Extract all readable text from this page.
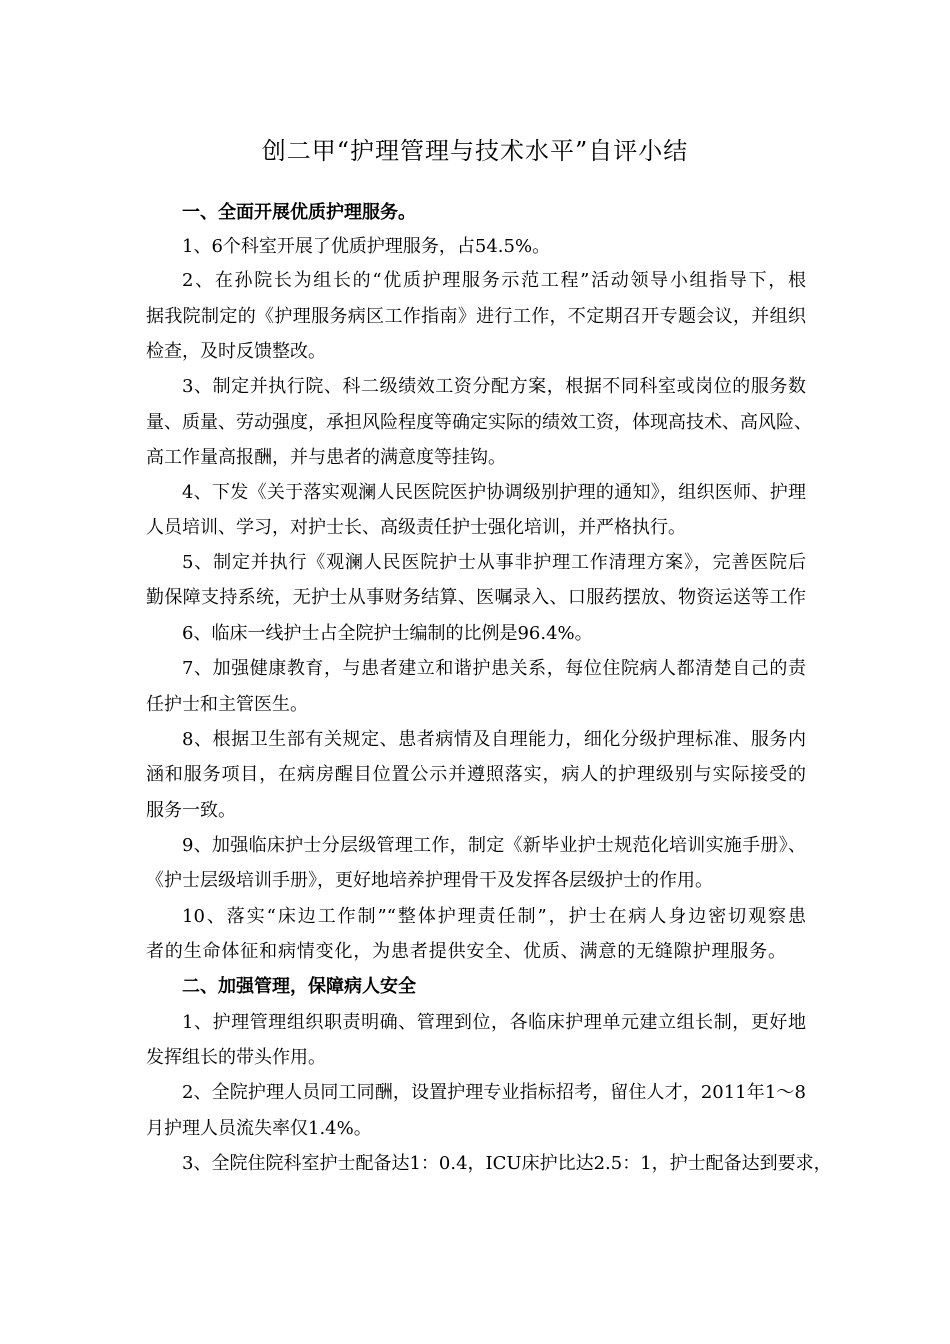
创二甲“护理管理与技术水平”自评小结
一、全面开展优质护理服务。
1、6个科室开展了优质护理服务，占54.5%。
2、在孙院长为组长的“优质护理服务示范工程”活动领导小组指导下，根
据我院制定的《护理服务病区工作指南》进行工作，不定期召开专题会议，并组织
检查，及时反馈整改。
3、制定并执行院、科二级绩效工资分配方案，根据不同科室或岗位的服务数
量、质量、劳动强度，承担风险程度等确定实际的绩效工资，体现高技术、高风险、
高工作量高报酬，并与患者的满意度等挂钩。
4、下发《关于落实观澜人民医院医护协调级别护理的通知》，组织医师、护理
人员培训、学习，对护士长、高级责任护士强化培训，并严格执行。
5、制定并执行《观澜人民医院护士从事非护理工作清理方案》，完善医院后
勤保障支持系统，无护士从事财务结算、医嘱录入、口服药摆放、物资运送等工作
6、临床一线护士占全院护士编制的比例是96.4%。
7、加强健康教育，与患者建立和谐护患关系，每位住院病人都清楚自己的责
任护士和主管医生。
8、根据卫生部有关规定、患者病情及自理能力，细化分级护理标准、服务内
涵和服务项目，在病房醒目位置公示并遵照落实，病人的护理级别与实际接受的
服务一致。
9、加强临床护士分层级管理工作，制定《新毕业护士规范化培训实施手册》、
《护士层级培训手册》，更好地培养护理骨干及发挥各层级护士的作用。
10、落实“床边工作制”“整体护理责任制”，护士在病人身边密切观察患
者的生命体征和病情变化，为患者提供安全、优质、满意的无缝隙护理服务。
二、加强管理，保障病人安全
1、护理管理组织职责明确、管理到位，各临床护理单元建立组长制，更好地
发挥组长的带头作用。
2、全院护理人员同工同酬，设置护理专业指标招考，留住人才，2011年1～8
月护理人员流失率仅1.4%。
3、全院住院科室护士配备达1：0.4，ICU床护比达2.5：1，护士配备达到要求，
